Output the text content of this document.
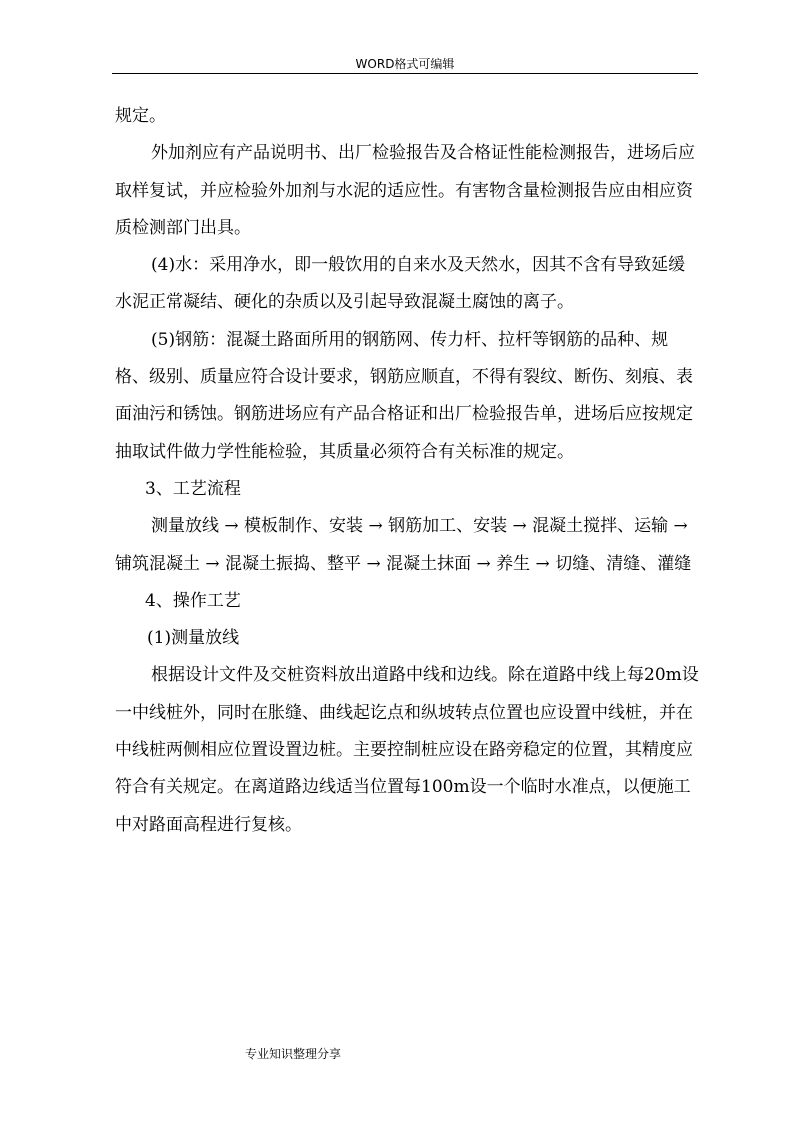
WORD格式可编辑

规定。

外加剂应有产品说明书、出厂检验报告及合格证性能检测报告，进场后应取样复试，并应检验外加剂与水泥的适应性。有害物含量检测报告应由相应资质检测部门出具。

(4)水：采用净水，即一般饮用的自来水及天然水，因其不含有导致延缓水泥正常凝结、硬化的杂质以及引起导致混凝土腐蚀的离子。

(5)钢筋：混凝土路面所用的钢筋网、传力杆、拉杆等钢筋的品种、规格、级别、质量应符合设计要求，钢筋应顺直，不得有裂纹、断伤、刻痕、表面油污和锈蚀。钢筋进场应有产品合格证和出厂检验报告单，进场后应按规定抽取试件做力学性能检验，其质量必须符合有关标准的规定。

3、工艺流程

测量放线 → 模板制作、安装 → 钢筋加工、安装 → 混凝土搅拌、运输 → 铺筑混凝土 → 混凝土振捣、整平 → 混凝土抹面 → 养生 → 切缝、清缝、灌缝

4、操作工艺

(1)测量放线

根据设计文件及交桩资料放出道路中线和边线。除在道路中线上每20m设一中线桩外，同时在胀缝、曲线起讫点和纵坡转点位置也应设置中线桩，并在中线桩两侧相应位置设置边桩。主要控制桩应设在路旁稳定的位置，其精度应符合有关规定。在离道路边线适当位置每100m设一个临时水准点，以便施工中对路面高程进行复核。

专业知识整理分享
